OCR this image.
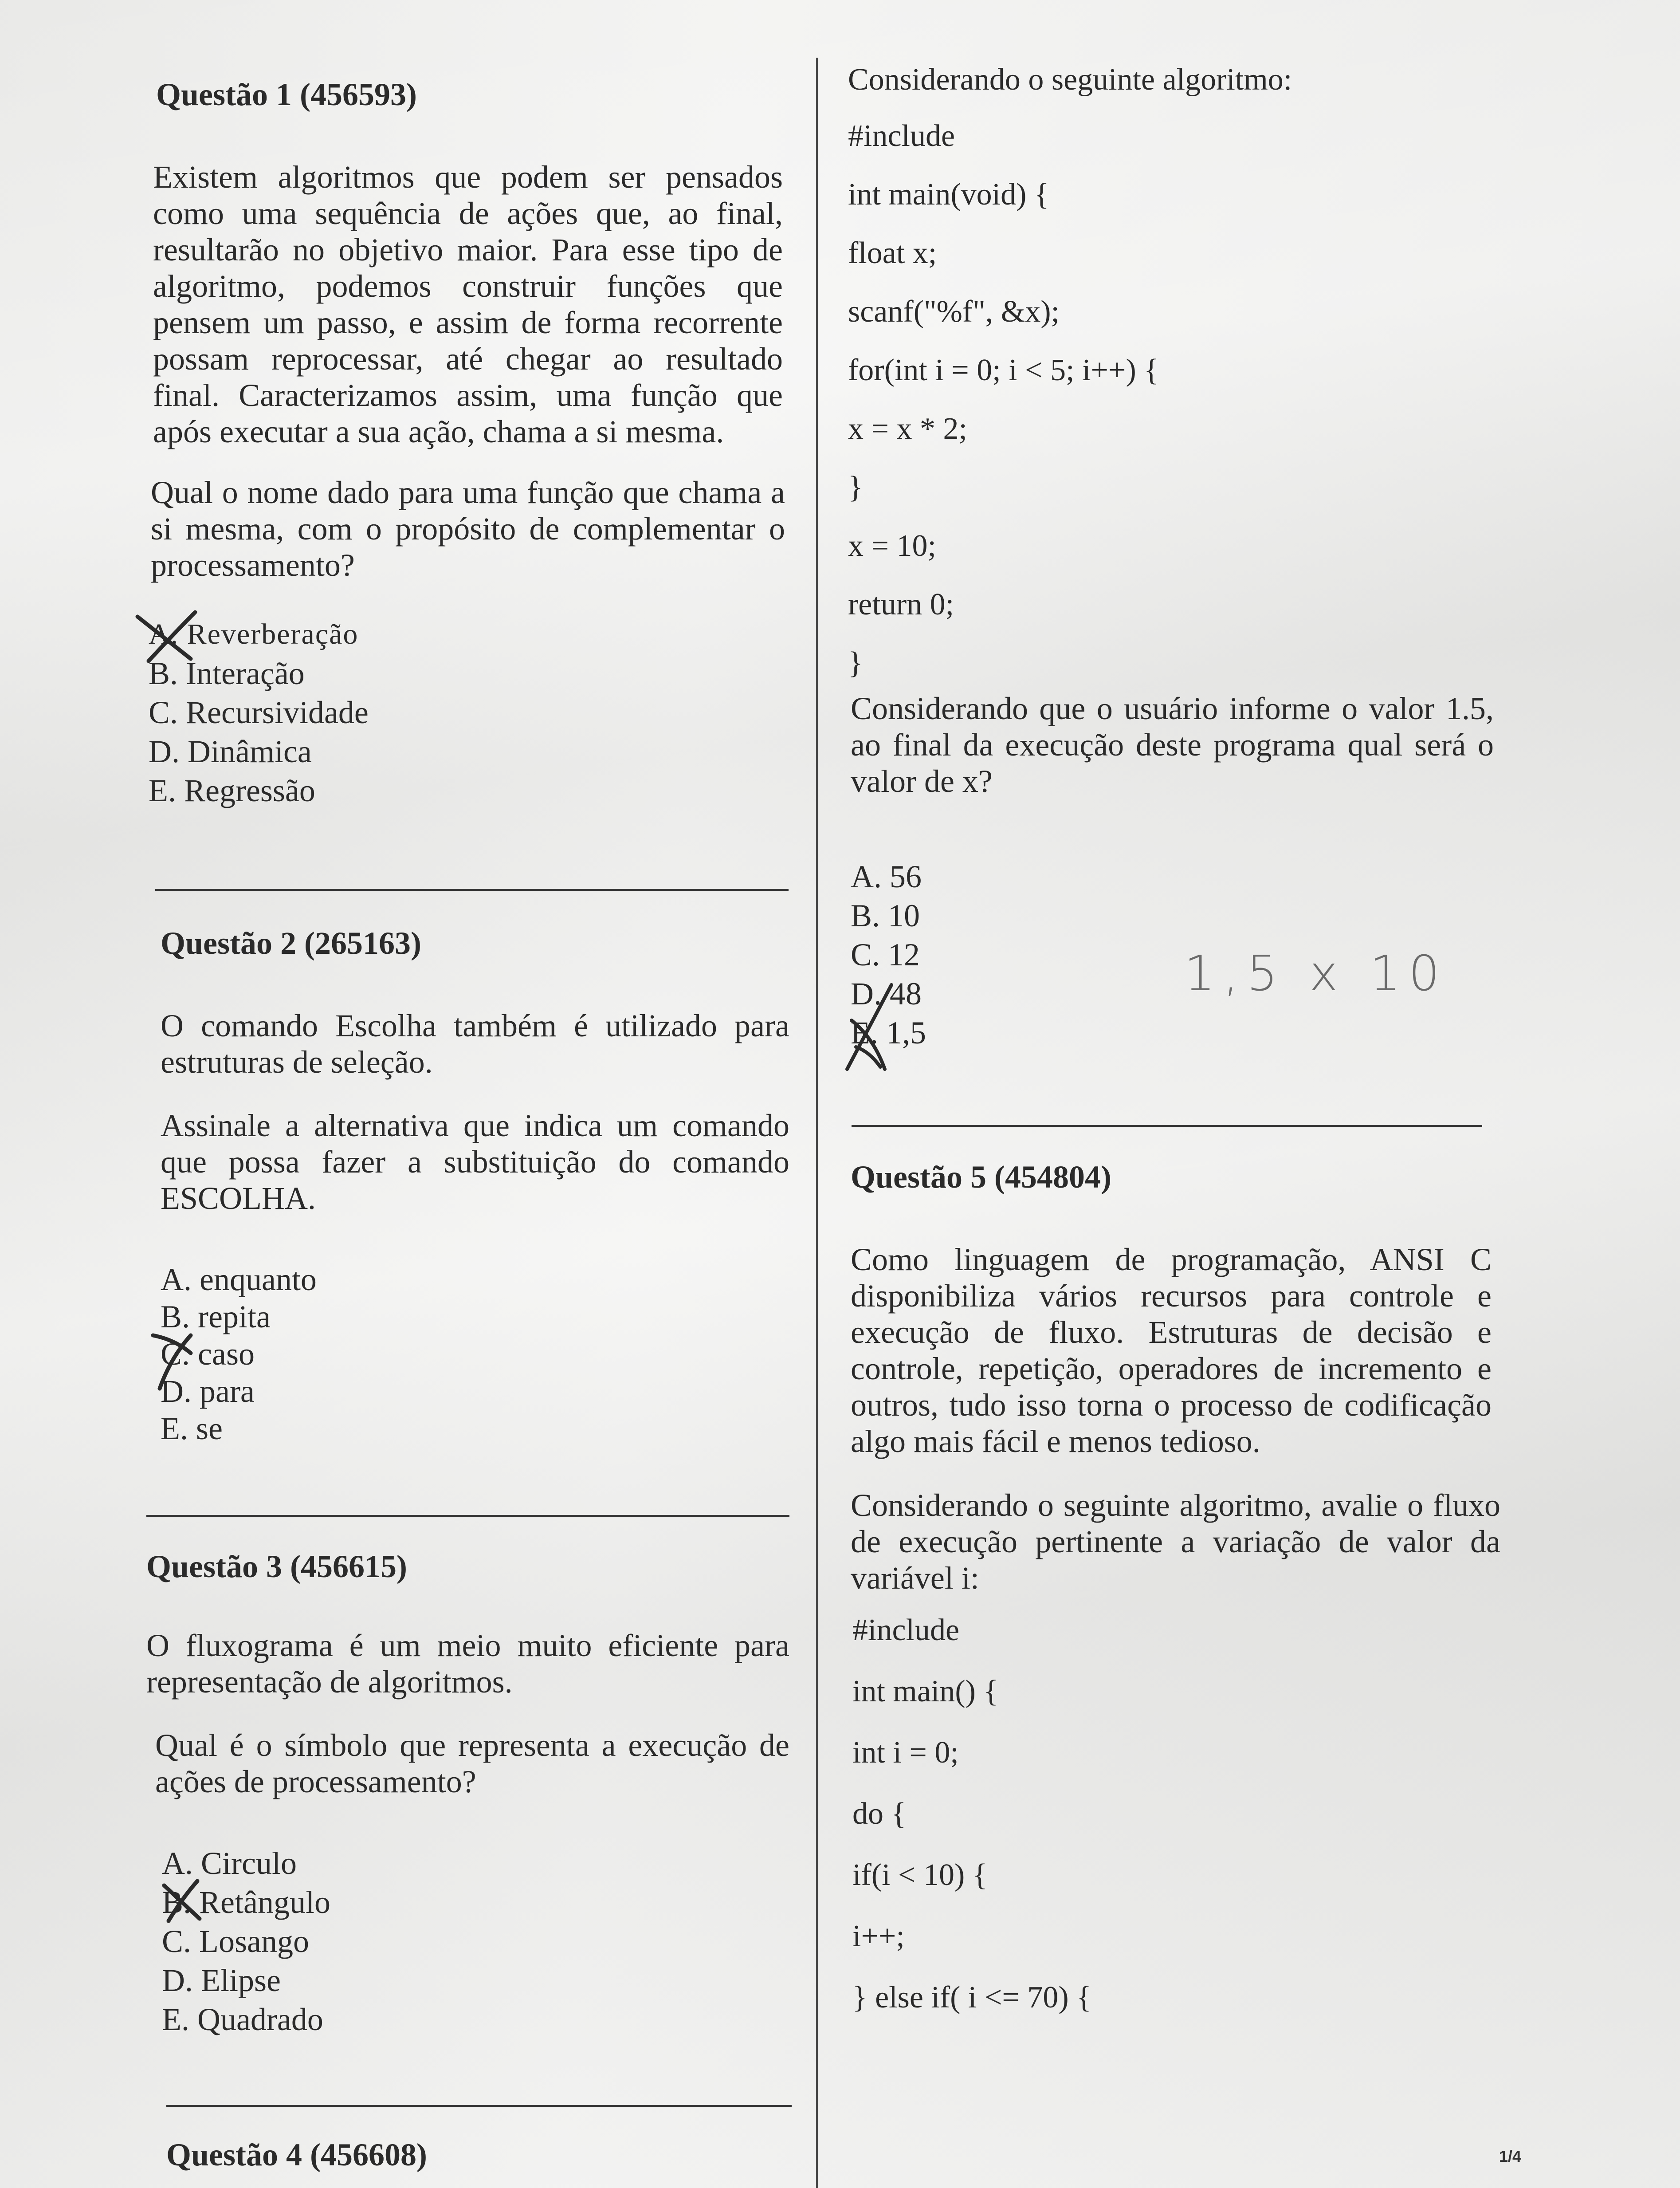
Questão 1 (456593)

Existem algoritmos que podem ser pensados como uma sequência de ações que, ao final, resultarão no objetivo maior. Para esse tipo de algoritmo, podemos construir funções que pensem um passo, e assim de forma recorrente possam reprocessar, até chegar ao resultado final. Caracterizamos assim, uma função que após executar a sua ação, chama a si mesma.

Qual o nome dado para uma função que chama a si mesma, com o propósito de complementar o processamento?

A. Reverberação
B. Interação
C. Recursividade
D. Dinâmica
E. Regressão
Questão 2 (265163)

O comando Escolha também é utilizado para estruturas de seleção.

Assinale a alternativa que indica um comando que possa fazer a substituição do comando ESCOLHA.

A. enquanto
B. repita
C. caso
D. para
E. se
Questão 3 (456615)

O fluxograma é um meio muito eficiente para representação de algoritmos.

Qual é o símbolo que representa a execução de ações de processamento?

A. Circulo
B. Retângulo
C. Losango
D. Elipse
E. Quadrado
Questão 4 (456608)
Considerando o seguinte algoritmo:
#include
int main(void) {
float x;
scanf("%f", &x);
for(int i = 0; i < 5; i++) {
x = x * 2;
}
x = 10;
return 0;
}

Considerando que o usuário informe o valor 1.5, ao final da execução deste programa qual será o valor de x?

A. 56
B. 10
C. 12
D. 48
E. 1,5
1,5 x 10
Questão 5 (454804)

Como linguagem de programação, ANSI C disponibiliza vários recursos para controle e execução de fluxo. Estruturas de decisão e controle, repetição, operadores de incremento e outros, tudo isso torna o processo de codificação algo mais fácil e menos tedioso.

Considerando o seguinte algoritmo, avalie o fluxo de execução pertinente a variação de valor da variável i:

#include
int main() {
int i = 0;
do {
if(i < 10) {
i++;
} else if( i <= 70) {
1/4
